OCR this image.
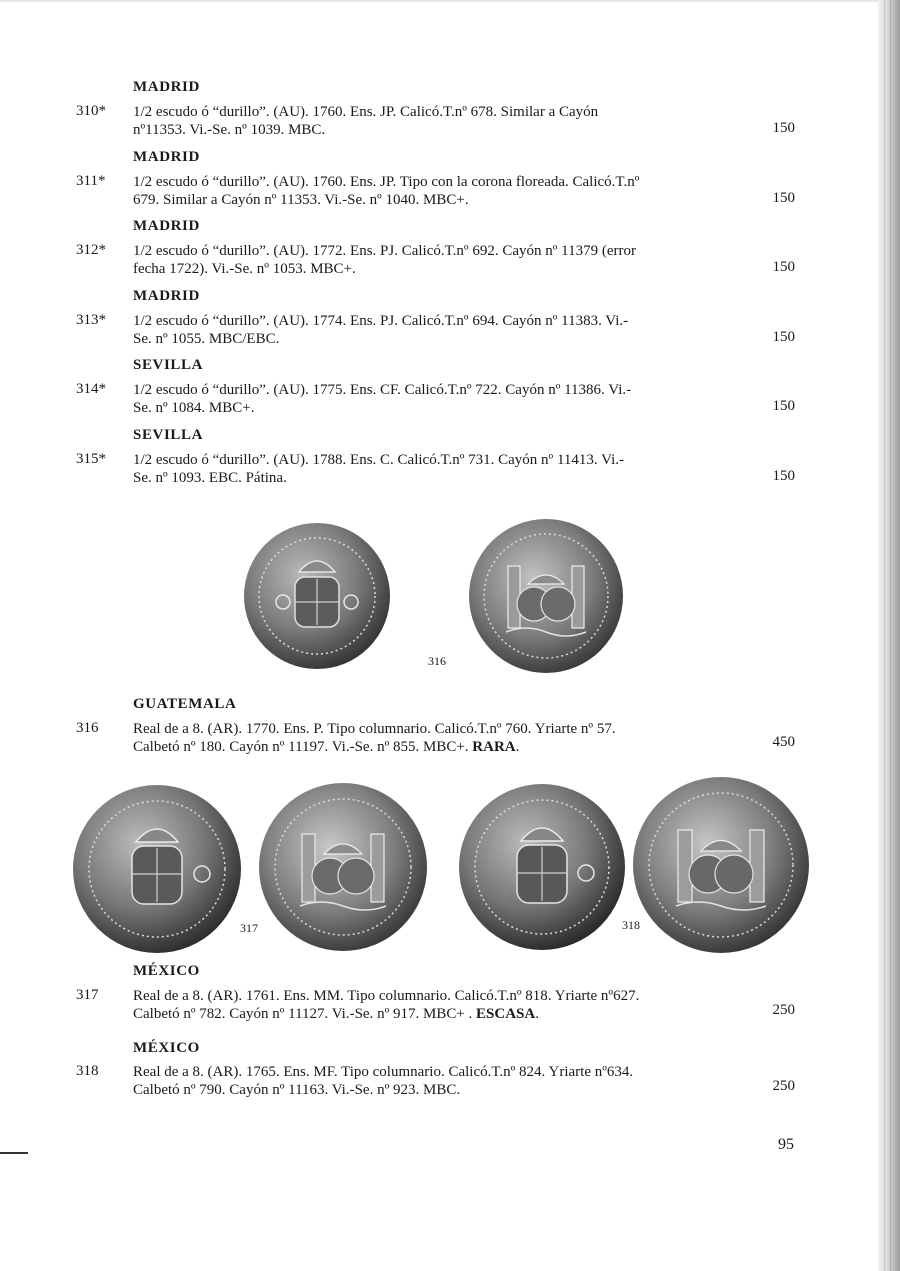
MADRID
310*	1/2 escudo ó “durillo”. (AU). 1760. Ens. JP. Calicó.T.nº 678. Similar a Cayón
nº11353. Vi.-Se. nº 1039. MBC.	150
MADRID
311*	1/2 escudo ó “durillo”. (AU). 1760. Ens. JP. Tipo con la corona floreada. Calicó.T.nº
679. Similar a Cayón nº 11353. Vi.-Se. nº 1040. MBC+.	150
MADRID
312*	1/2 escudo ó “durillo”. (AU). 1772. Ens. PJ. Calicó.T.nº 692. Cayón nº 11379 (error
fecha 1722). Vi.-Se. nº 1053. MBC+.	150
MADRID
313*	1/2 escudo ó “durillo”. (AU). 1774. Ens. PJ. Calicó.T.nº 694. Cayón nº 11383. Vi.-
Se. nº 1055. MBC/EBC.	150
SEVILLA
314*	1/2 escudo ó “durillo”. (AU). 1775. Ens. CF. Calicó.T.nº 722. Cayón nº 11386. Vi.-
Se. nº 1084. MBC+.	150
SEVILLA
315*	1/2 escudo ó “durillo”. (AU). 1788. Ens. C. Calicó.T.nº 731. Cayón nº 11413. Vi.-
Se. nº 1093. EBC. Pátina.	150
316
GUATEMALA
316	Real de a 8. (AR). 1770. Ens. P. Tipo columnario. Calicó.T.nº 760. Yriarte nº 57.
Calbetó nº 180. Cayón nº 11197. Vi.-Se. nº 855. MBC+. RARA.	450
317	318
MÉXICO
317	Real de a 8. (AR). 1761. Ens. MM. Tipo columnario. Calicó.T.nº 818. Yriarte nº627.
Calbetó nº 782. Cayón nº 11127. Vi.-Se. nº 917. MBC+ . ESCASA.	250
MÉXICO
318	Real de a 8. (AR). 1765. Ens. MF. Tipo columnario. Calicó.T.nº 824. Yriarte nº634.
Calbetó nº 790. Cayón nº 11163. Vi.-Se. nº 923. MBC.	250
95
